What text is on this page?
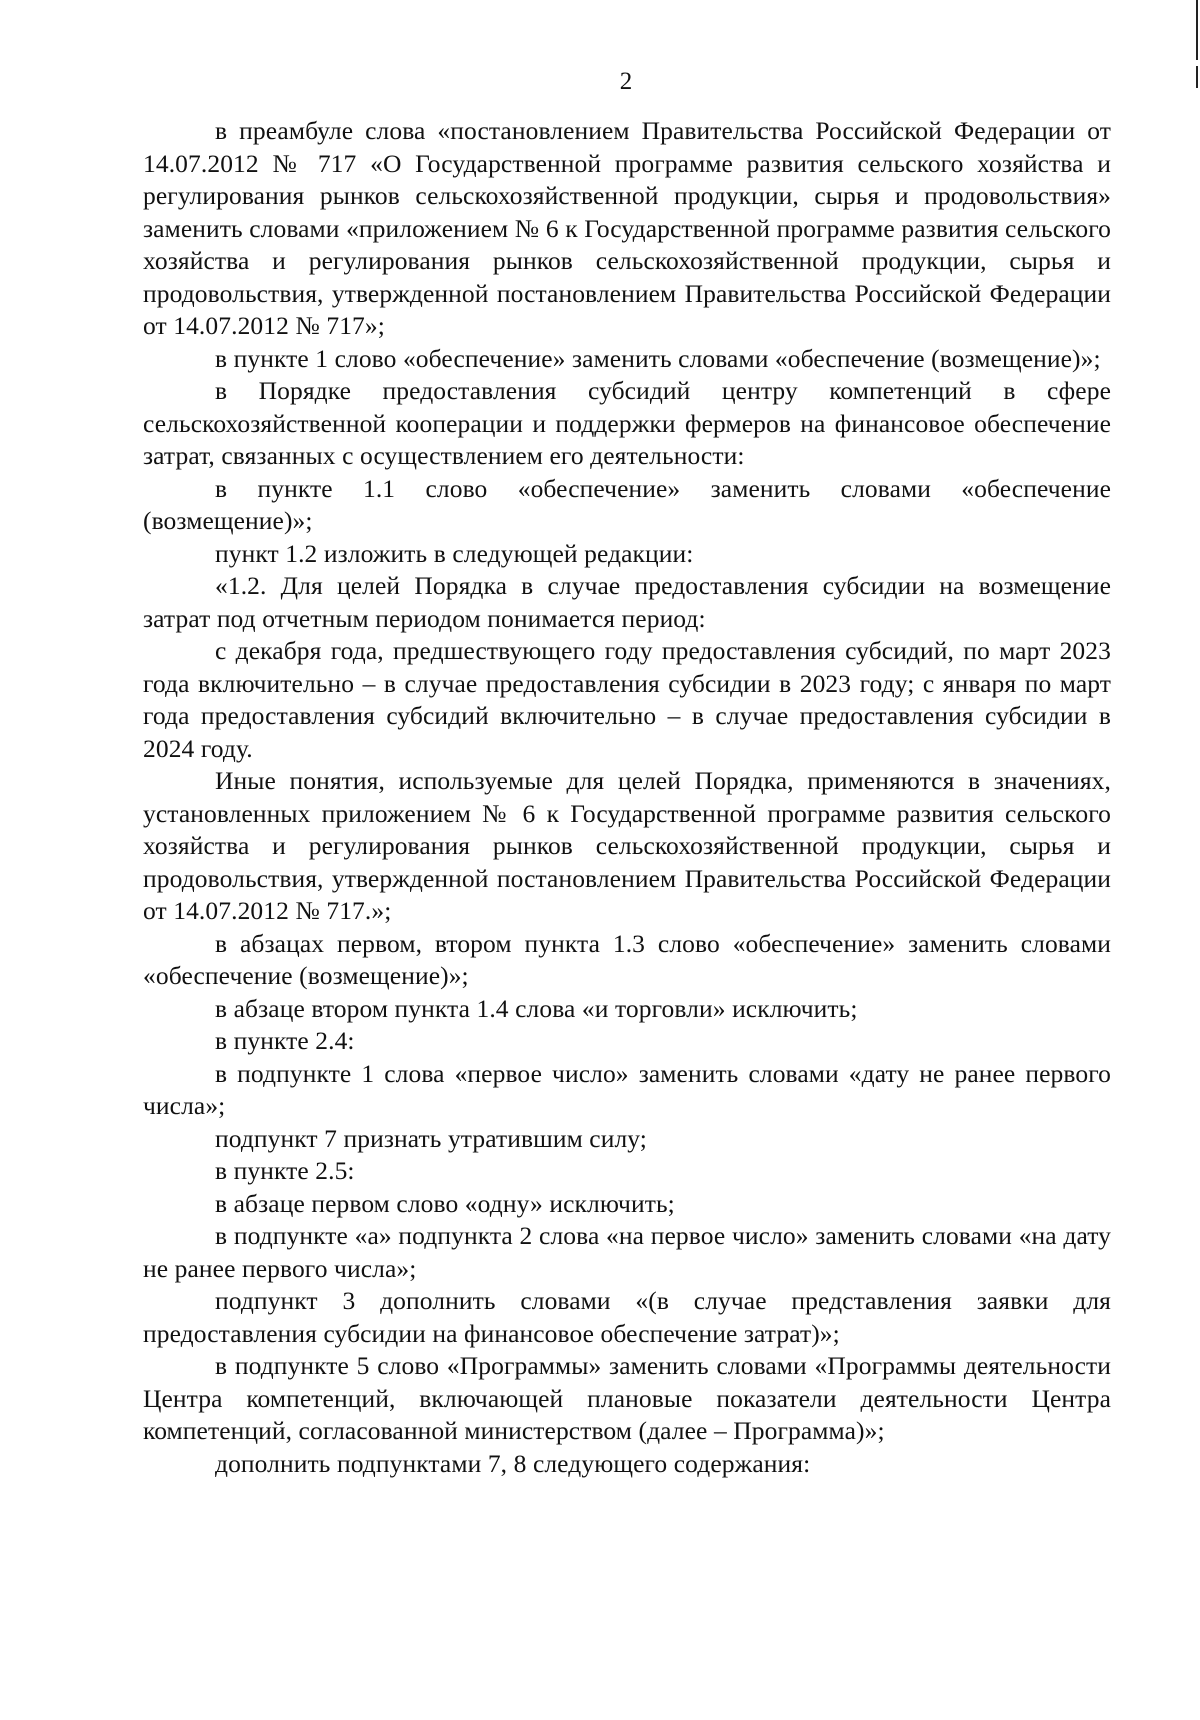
2

в преамбуле слова «постановлением Правительства Российской Федерации от 14.07.2012 № 717 «О Государственной программе развития сельского хозяйства и регулирования рынков сельскохозяйственной продукции, сырья и продовольствия» заменить словами «приложением № 6 к Государственной программе развития сельского хозяйства и регулирования рынков сельскохозяйственной продукции, сырья и продовольствия, утвержденной постановлением Правительства Российской Федерации от 14.07.2012 № 717»;

в пункте 1 слово «обеспечение» заменить словами «обеспечение (возмещение)»;

в Порядке предоставления субсидий центру компетенций в сфере сельскохозяйственной кооперации и поддержки фермеров на финансовое обеспечение затрат, связанных с осуществлением его деятельности:

в пункте 1.1 слово «обеспечение» заменить словами «обеспечение (возмещение)»;

пункт 1.2 изложить в следующей редакции:

«1.2. Для целей Порядка в случае предоставления субсидии на возмещение затрат под отчетным периодом понимается период:

с декабря года, предшествующего году предоставления субсидий, по март 2023 года включительно – в случае предоставления субсидии в 2023 году; с января по март года предоставления субсидий включительно – в случае предоставления субсидии в 2024 году.

Иные понятия, используемые для целей Порядка, применяются в значениях, установленных приложением № 6 к Государственной программе развития сельского хозяйства и регулирования рынков сельскохозяйственной продукции, сырья и продовольствия, утвержденной постановлением Правительства Российской Федерации от 14.07.2012 № 717.»;

в абзацах первом, втором пункта 1.3 слово «обеспечение» заменить словами «обеспечение (возмещение)»;

в абзаце втором пункта 1.4 слова «и торговли» исключить;

в пункте 2.4:

в подпункте 1 слова «первое число» заменить словами «дату не ранее первого числа»;

подпункт 7 признать утратившим силу;

в пункте 2.5:

в абзаце первом слово «одну» исключить;

в подпункте «а» подпункта 2 слова «на первое число» заменить словами «на дату не ранее первого числа»;

подпункт 3 дополнить словами «(в случае представления заявки для предоставления субсидии на финансовое обеспечение затрат)»;

в подпункте 5 слово «Программы» заменить словами «Программы деятельности Центра компетенций, включающей плановые показатели деятельности Центра компетенций, согласованной министерством (далее – Программа)»;

дополнить подпунктами 7, 8 следующего содержания:
